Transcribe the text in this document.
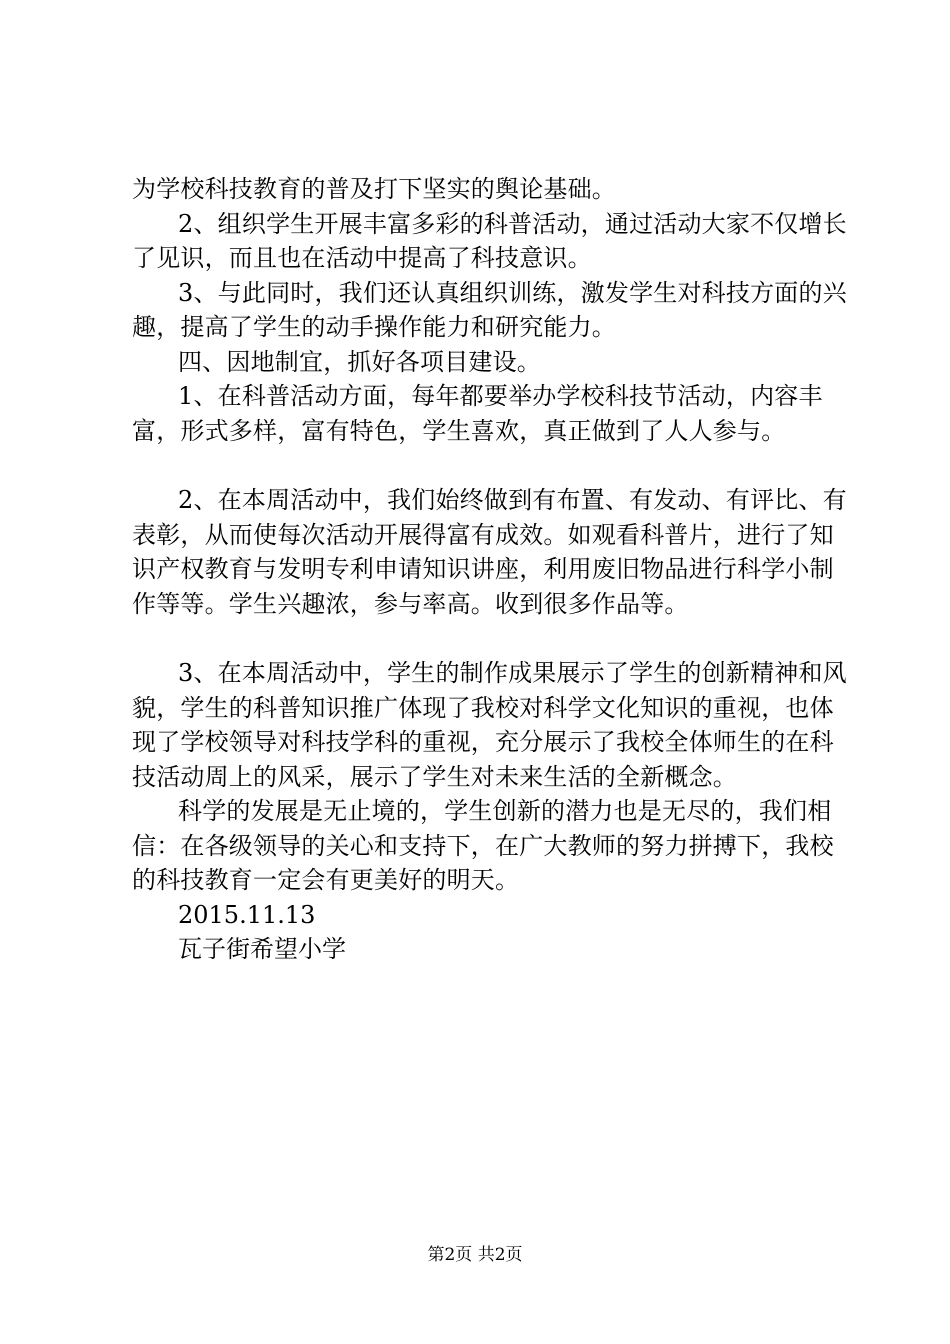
为学校科技教育的普及打下坚实的舆论基础。

2、组织学生开展丰富多彩的科普活动，通过活动大家不仅增长了见识，而且也在活动中提高了科技意识。

3、与此同时，我们还认真组织训练，激发学生对科技方面的兴趣，提高了学生的动手操作能力和研究能力。

四、因地制宜，抓好各项目建设。

1、在科普活动方面，每年都要举办学校科技节活动，内容丰富，形式多样，富有特色，学生喜欢，真正做到了人人参与。

2、在本周活动中，我们始终做到有布置、有发动、有评比、有表彰，从而使每次活动开展得富有成效。如观看科普片，进行了知识产权教育与发明专利申请知识讲座，利用废旧物品进行科学小制作等等。学生兴趣浓，参与率高。收到很多作品等。

3、在本周活动中，学生的制作成果展示了学生的创新精神和风貌，学生的科普知识推广体现了我校对科学文化知识的重视，也体现了学校领导对科技学科的重视，充分展示了我校全体师生的在科技活动周上的风采，展示了学生对未来生活的全新概念。

科学的发展是无止境的，学生创新的潜力也是无尽的，我们相信：在各级领导的关心和支持下，在广大教师的努力拼搏下，我校的科技教育一定会有更美好的明天。

2015.11.13

瓦子街希望小学

第2页 共2页
